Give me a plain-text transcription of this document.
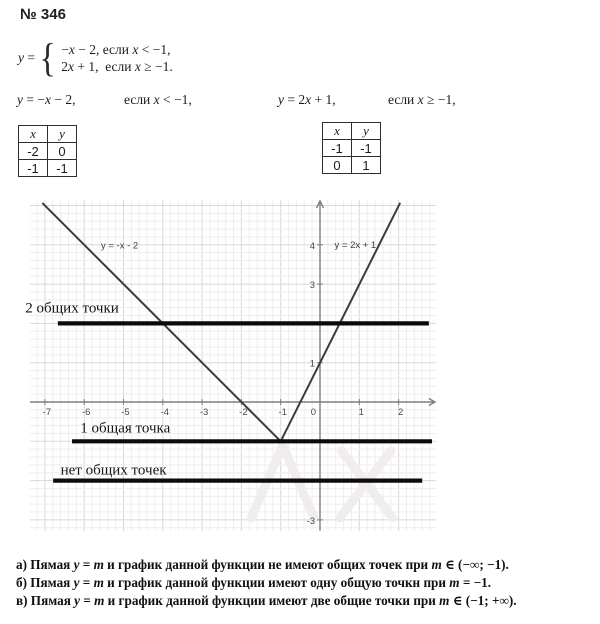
№ 346
y = { −x − 2, если x < −1,
2x + 1,  если x ≥ −1.
y = −x − 2,	если x < −1,	y = 2x + 1,	если x ≥ −1,
x	y
-2	0
-1	-1
x	y
-1	-1
0	1
-7	-6	-5	-4	-3	-2	-1	0	1	2
4
3
1
-3
y = -x - 2	y = 2x + 1
2 общих точки
1 общая точка
нет общих точек
а) Пямая y = m и график данной функции не имеют общих точек при m ∈ (−∞; −1).
б) Пямая y = m и график данной функции имеют одну общую точкн при m = −1.
в) Пямая y = m и график данной функции имеют две общие точки при m ∈ (−1; +∞).
